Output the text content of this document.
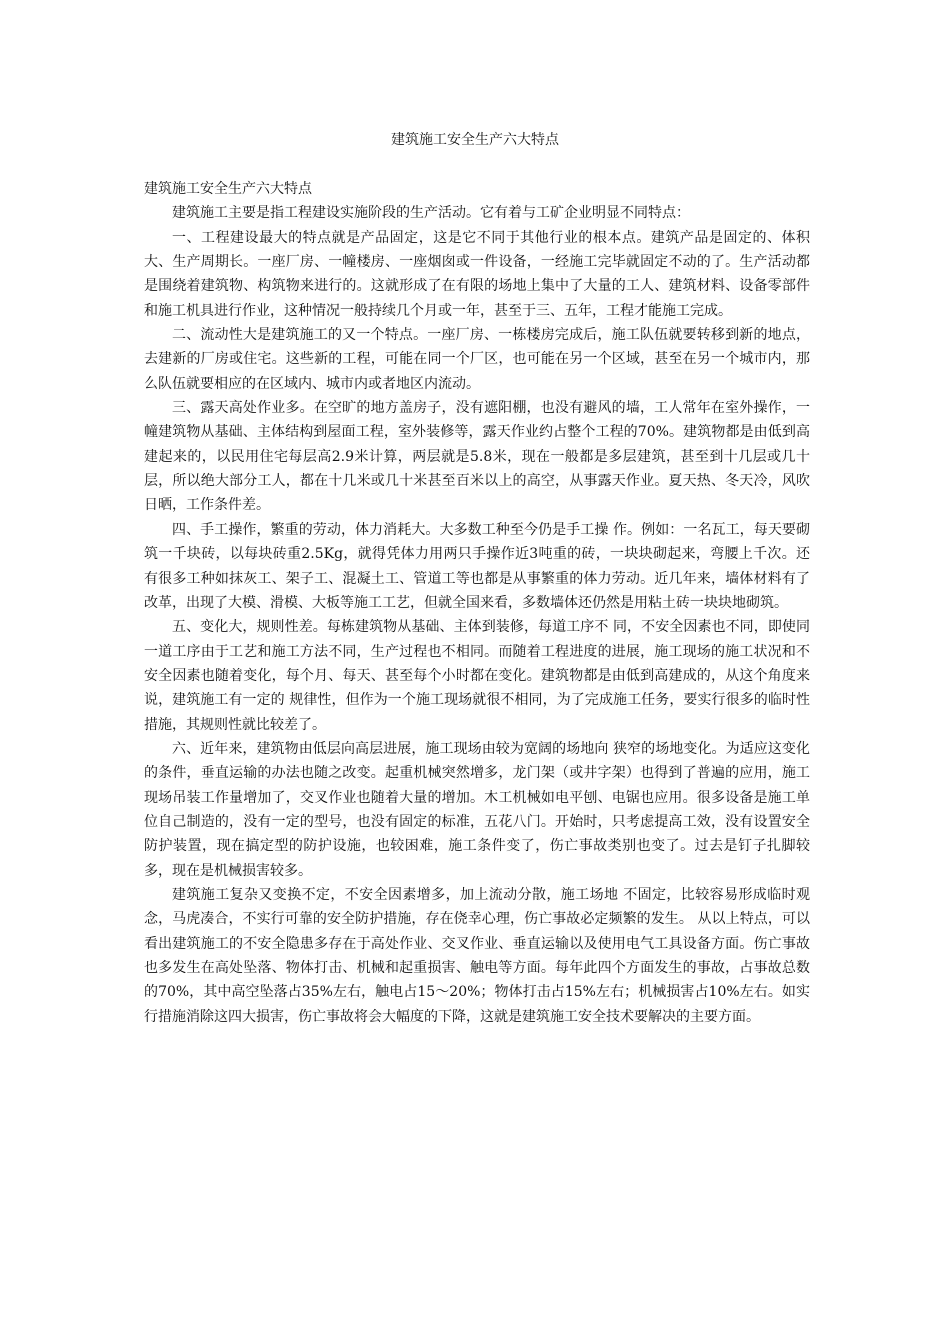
建筑施工安全生产六大特点

建筑施工安全生产六大特点

建筑施工主要是指工程建设实施阶段的生产活动。它有着与工矿企业明显不同特点：

一、工程建设最大的特点就是产品固定，这是它不同于其他行业的根本点。建筑产品是固定的、体积大、生产周期长。一座厂房、一幢楼房、一座烟囱或一件设备，一经施工完毕就固定不动的了。生产活动都是围绕着建筑物、构筑物来进行的。这就形成了在有限的场地上集中了大量的工人、建筑材料、设备零部件和施工机具进行作业，这种情况一般持续几个月或一年，甚至于三、五年，工程才能施工完成。

二、流动性大是建筑施工的又一个特点。一座厂房、一栋楼房完成后，施工队伍就要转移到新的地点，去建新的厂房或住宅。这些新的工程，可能在同一个厂区，也可能在另一个区域，甚至在另一个城市内，那么队伍就要相应的在区域内、城市内或者地区内流动。

三、露天高处作业多。在空旷的地方盖房子，没有遮阳棚，也没有避风的墙，工人常年在室外操作，一幢建筑物从基础、主体结构到屋面工程，室外装修等，露天作业约占整个工程的70%。建筑物都是由低到高建起来的，以民用住宅每层高2.9米计算，两层就是5.8米，现在一般都是多层建筑，甚至到十几层或几十层，所以绝大部分工人，都在十几米或几十米甚至百米以上的高空，从事露天作业。夏天热、冬天冷，风吹日晒，工作条件差。

四、手工操作，繁重的劳动，体力消耗大。大多数工种至今仍是手工操 作。例如：一名瓦工，每天要砌筑一千块砖，以每块砖重2.5Kg，就得凭体力用两只手操作近3吨重的砖，一块块砌起来，弯腰上千次。还有很多工种如抹灰工、架子工、混凝土工、管道工等也都是从事繁重的体力劳动。近几年来，墙体材料有了改革，出现了大模、滑模、大板等施工工艺，但就全国来看，多数墙体还仍然是用粘土砖一块块地砌筑。

五、变化大，规则性差。每栋建筑物从基础、主体到装修，每道工序不 同，不安全因素也不同，即使同一道工序由于工艺和施工方法不同，生产过程也不相同。而随着工程进度的进展，施工现场的施工状况和不安全因素也随着变化，每个月、每天、甚至每个小时都在变化。建筑物都是由低到高建成的，从这个角度来说，建筑施工有一定的 规律性，但作为一个施工现场就很不相同，为了完成施工任务，要实行很多的临时性措施，其规则性就比较差了。

六、近年来，建筑物由低层向高层进展，施工现场由较为宽阔的场地向 狭窄的场地变化。为适应这变化的条件，垂直运输的办法也随之改变。起重机械突然增多，龙门架（或井字架）也得到了普遍的应用，施工现场吊装工作量增加了，交叉作业也随着大量的增加。木工机械如电平刨、电锯也应用。很多设备是施工单位自己制造的，没有一定的型号，也没有固定的标准，五花八门。开始时，只考虑提高工效，没有设置安全防护装置，现在搞定型的防护设施，也较困难，施工条件变了，伤亡事故类别也变了。过去是钉子扎脚较多，现在是机械损害较多。

建筑施工复杂又变换不定，不安全因素增多，加上流动分散，施工场地 不固定，比较容易形成临时观念，马虎凑合，不实行可靠的安全防护措施，存在侥幸心理，伤亡事故必定频繁的发生。 从以上特点，可以看出建筑施工的不安全隐患多存在于高处作业、交叉作业、垂直运输以及使用电气工具设备方面。伤亡事故也多发生在高处坠落、物体打击、机械和起重损害、触电等方面。每年此四个方面发生的事故，占事故总数的70%，其中高空坠落占35%左右，触电占15～20%；物体打击占15%左右；机械损害占10%左右。如实行措施消除这四大损害，伤亡事故将会大幅度的下降，这就是建筑施工安全技术要解决的主要方面。
